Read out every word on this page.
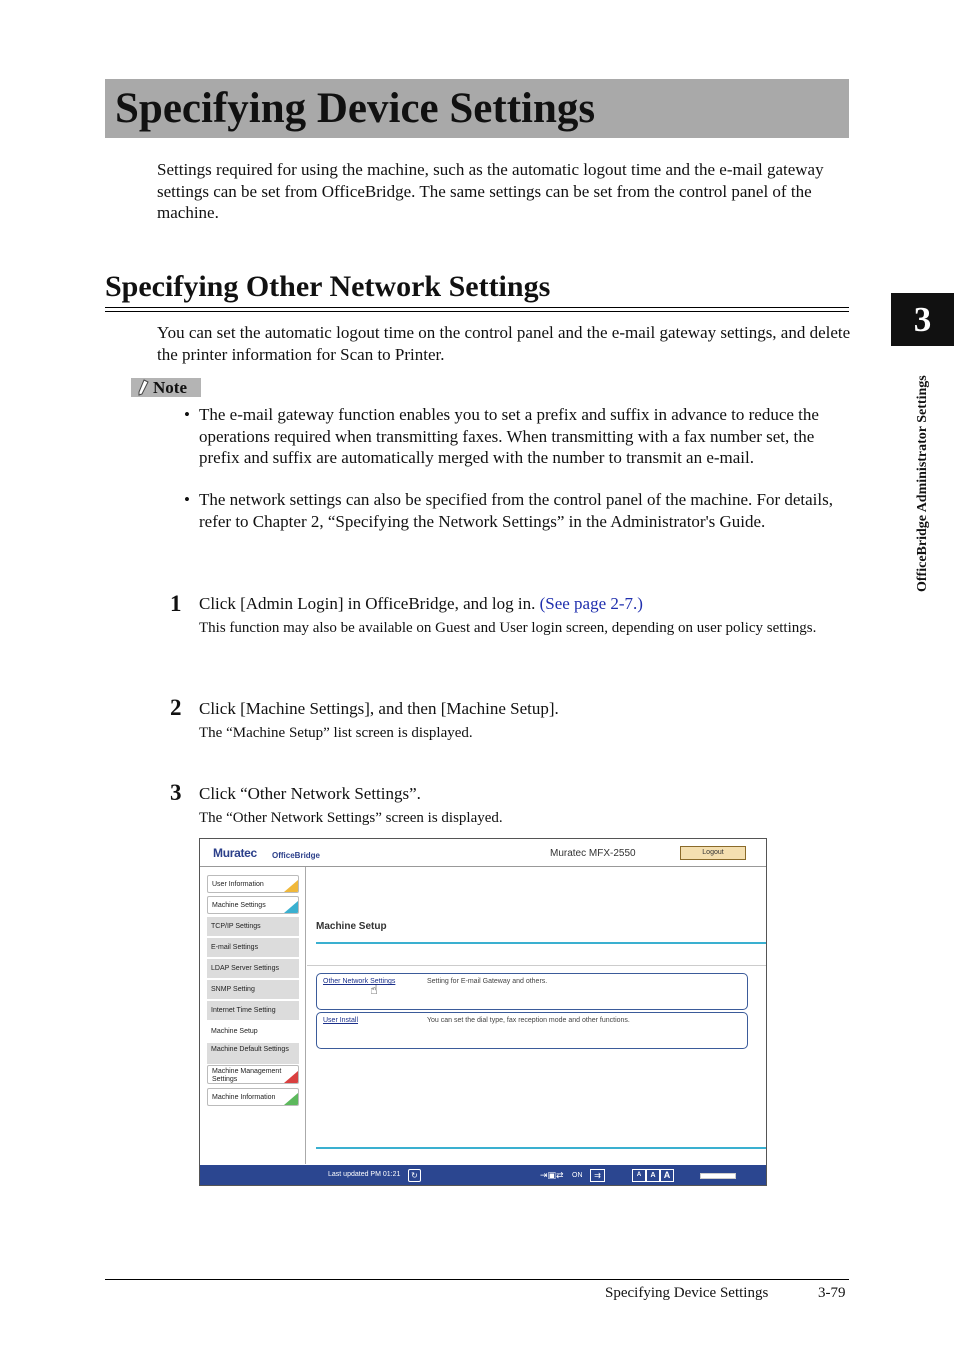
Specifying Device Settings

Settings required for using the machine, such as the automatic logout time and the e-mail gateway settings can be set from OfficeBridge. The same settings can be set from the control panel of the machine.

Specifying Other Network Settings

You can set the automatic logout time on the control panel and the e-mail gateway settings, and delete the printer information for Scan to Printer.

Note
• The e-mail gateway function enables you to set a prefix and suffix in advance to reduce the operations required when transmitting faxes. When transmitting with a fax number set, the prefix and suffix are automatically merged with the number to transmit an e-mail.

• The network settings can also be specified from the control panel of the machine. For details, refer to Chapter 2, “Specifying the Network Settings” in the Administrator's Guide.

1 Click [Admin Login] in OfficeBridge, and log in. (See page 2-7.)

This function may also be available on Guest and User login screen, depending on user policy settings.

2 Click [Machine Settings], and then [Machine Setup].

The “Machine Setup” list screen is displayed.

3 Click “Other Network Settings”.

The “Other Network Settings” screen is displayed.

Muratec OfficeBridge	Muratec MFX-2550	Logout
User Information
Machine Settings
TCP/IP Settings
E-mail Settings
LDAP Server Settings
SNMP Setting
Internet Time Setting
Machine Setup
Machine Default Settings
Machine Management Settings
Machine Information
Machine Setup
Other Network Settings	Setting for E-mail Gateway and others.
☝
User Install	You can set the dial type, fax reception mode and other functions.
Last updated PM 01:21	↻	⇥▣⇄ ON	⇉	A	A A
3
OfficeBridge Administrator Settings
Specifying Device Settings	3-79
